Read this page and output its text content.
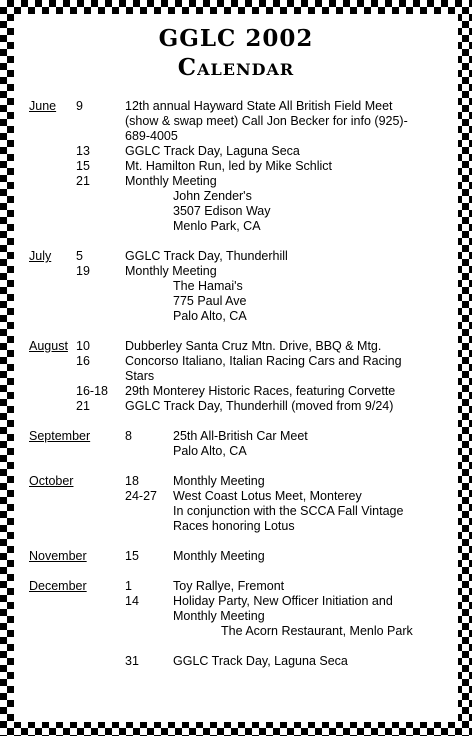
GGLC 2002
Calendar
June 9	12th annual Hayward State All British Field Meet
(show & swap meet) Call Jon Becker for info (925)-
689-4005
13	GGLC Track Day, Laguna Seca
15	Mt. Hamilton Run, led by Mike Schlict
21	Monthly Meeting
John Zender's
3507 Edison Way
Menlo Park, CA
July 5	GGLC Track Day, Thunderhill
19	Monthly Meeting
The Hamai's
775 Paul Ave
Palo Alto, CA
August 10	Dubberley Santa Cruz Mtn. Drive, BBQ & Mtg.
16	Concorso Italiano, Italian Racing Cars and Racing
Stars
16-18 29th Monterey Historic Races, featuring Corvette
21	GGLC Track Day, Thunderhill (moved from 9/24)
September	8	25th All-British Car Meet
Palo Alto, CA
October	18	Monthly Meeting
24-27 West Coast Lotus Meet, Monterey
In conjunction with the SCCA Fall Vintage
Races honoring Lotus
November	15	Monthly Meeting
December	1	Toy Rallye, Fremont
14	Holiday Party, New Officer Initiation and
Monthly Meeting
The Acorn Restaurant, Menlo Park
31	GGLC Track Day, Laguna Seca
